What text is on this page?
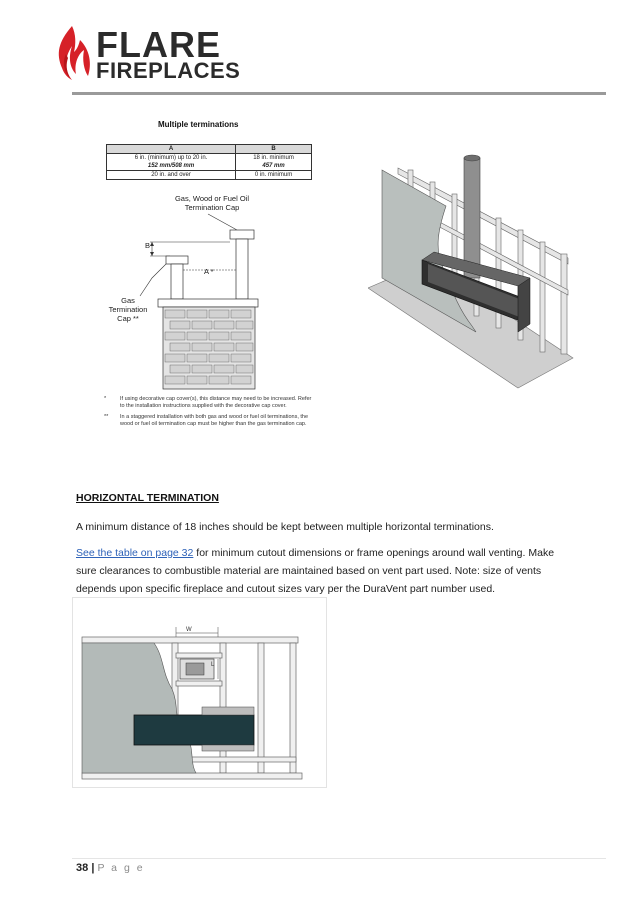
FLARE
FIREPLACES
Multiple terminations
A	B
6 in. (minimum) up to 20 in.	18 in. minimum
152 mm/508 mm	457 mm
20 in. and over	0 in. minimum
Gas, Wood or Fuel Oil
Termination Cap
B
A *
Gas
Termination
Cap **
*	If using decorative cap cover(s), this distance may need to be increased. Refer to the installation instructions supplied with the decorative cap cover.
**	In a staggered installation with both gas and wood or fuel oil terminations, the wood or fuel oil termination cap must be higher than the gas termination cap.
HORIZONTAL TERMINATION
A minimum distance of 18 inches should be kept between multiple horizontal terminations.
See the table on page 32 for minimum cutout dimensions or frame openings around wall venting. Make sure clearances to combustible material are maintained based on vent part used. Note: size of vents depends upon specific fireplace and cutout sizes vary per the DuraVent part number used.
W
L
38 | P a g e
